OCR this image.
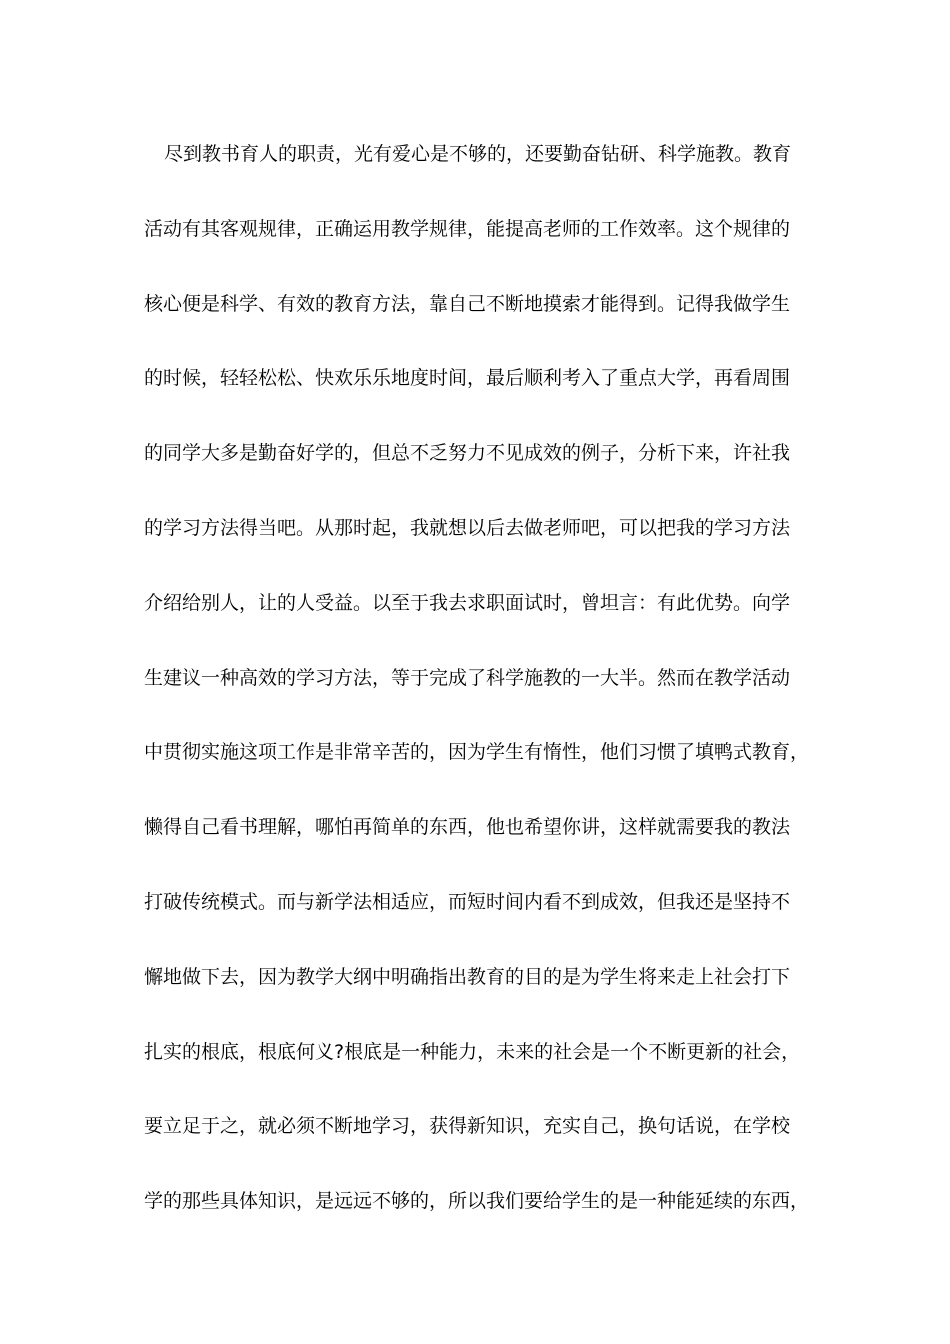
尽到教书育人的职责，光有爱心是不够的，还要勤奋钻研、科学施教。教育
活动有其客观规律，正确运用教学规律，能提高老师的工作效率。这个规律的
核心便是科学、有效的教育方法，靠自己不断地摸索才能得到。记得我做学生
的时候，轻轻松松、快欢乐乐地度时间，最后顺利考入了重点大学，再看周围
的同学大多是勤奋好学的，但总不乏努力不见成效的例子，分析下来，许社我
的学习方法得当吧。从那时起，我就想以后去做老师吧，可以把我的学习方法
介绍给别人，让的人受益。以至于我去求职面试时，曾坦言：有此优势。向学
生建议一种高效的学习方法，等于完成了科学施教的一大半。然而在教学活动
中贯彻实施这项工作是非常辛苦的，因为学生有惰性，他们习惯了填鸭式教育，
懒得自己看书理解，哪怕再简单的东西，他也希望你讲，这样就需要我的教法
打破传统模式。而与新学法相适应，而短时间内看不到成效，但我还是坚持不
懈地做下去，因为教学大纲中明确指出教育的目的是为学生将来走上社会打下
扎实的根底，根底何义?根底是一种能力，未来的社会是一个不断更新的社会，
要立足于之，就必须不断地学习，获得新知识，充实自己，换句话说，在学校
学的那些具体知识，是远远不够的，所以我们要给学生的是一种能延续的东西，
